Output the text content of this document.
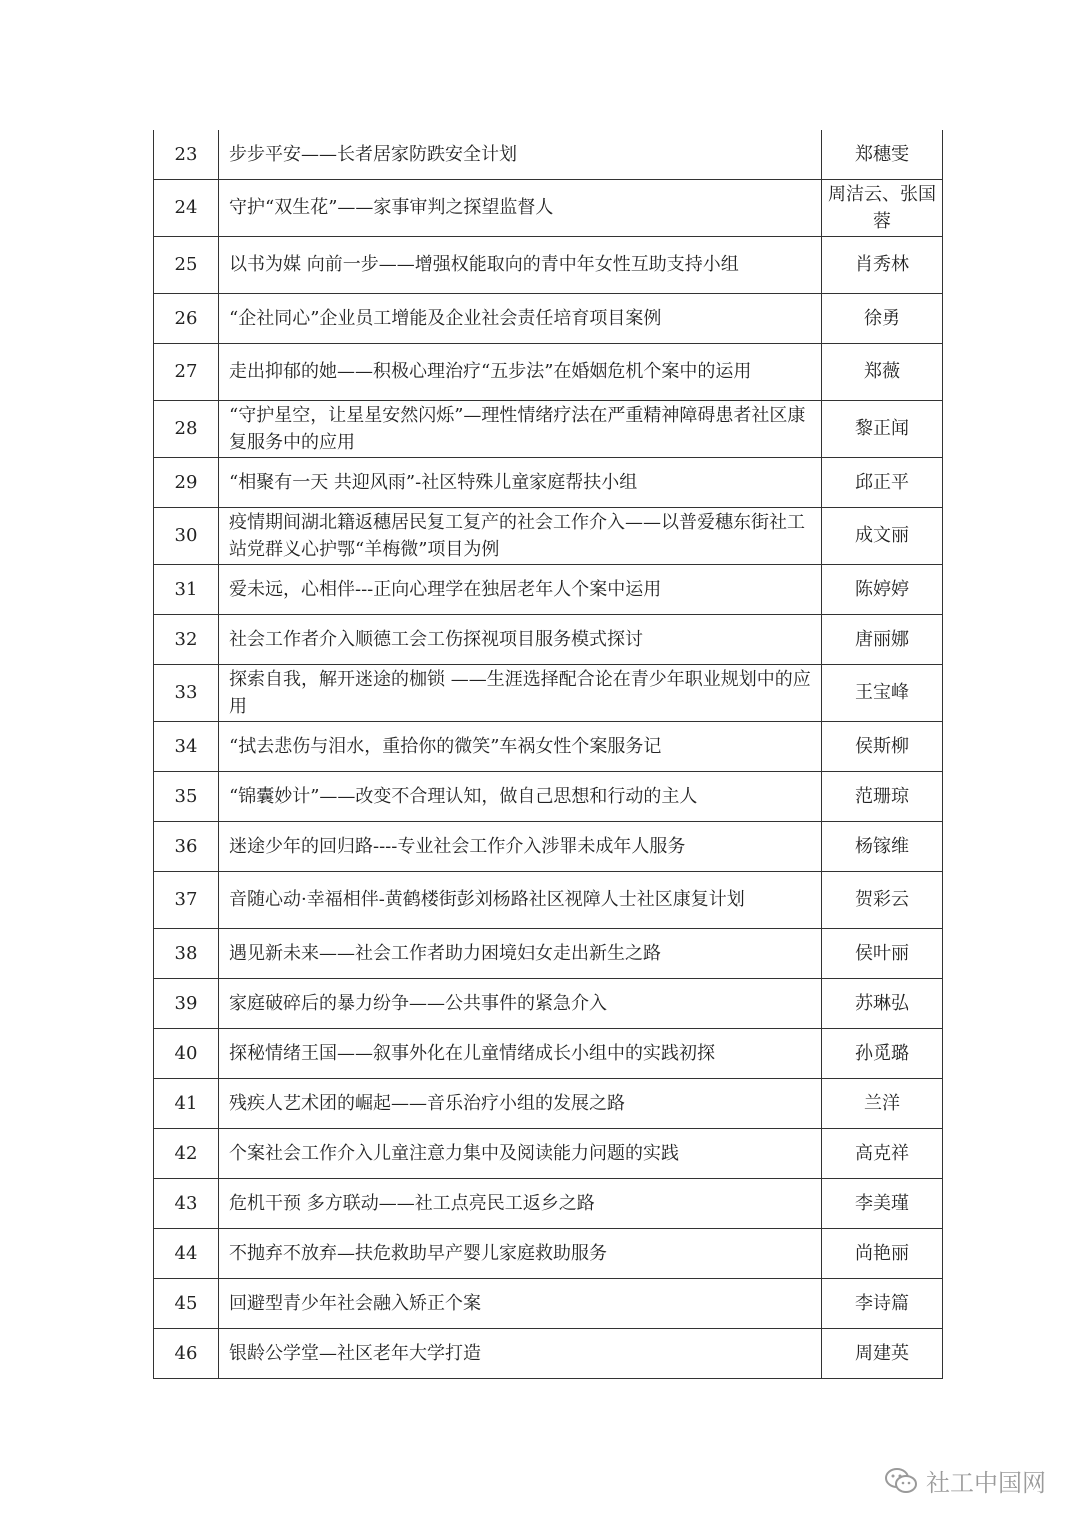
23	步步平安——长者居家防跌安全计划	郑穗雯
24	守护“双生花”——家事审判之探望监督人	周洁云、张国蓉
25	以书为媒 向前一步——增强权能取向的青中年女性互助支持小组	肖秀林
26	“企社同心”企业员工增能及企业社会责任培育项目案例	徐勇
27	走出抑郁的她——积极心理治疗“五步法”在婚姻危机个案中的运用	郑薇
28	“守护星空，让星星安然闪烁”—理性情绪疗法在严重精神障碍患者社区康复服务中的应用	黎正闻
29	“相聚有一天 共迎风雨”-社区特殊儿童家庭帮扶小组	邱正平
30	疫情期间湖北籍返穗居民复工复产的社会工作介入——以普爱穗东街社工站党群义心护鄂“羊梅微”项目为例	成文丽
31	爱未远，心相伴---正向心理学在独居老年人个案中运用	陈婷婷
32	社会工作者介入顺德工会工伤探视项目服务模式探讨	唐丽娜
33	探索自我，解开迷途的枷锁 ——生涯选择配合论在青少年职业规划中的应用	王宝峰
34	“拭去悲伤与泪水，重拾你的微笑”车祸女性个案服务记	侯斯柳
35	“锦囊妙计”——改变不合理认知，做自己思想和行动的主人	范珊琼
36	迷途少年的回归路----专业社会工作介入涉罪未成年人服务	杨镓维
37	音随心动·幸福相伴-黄鹤楼街彭刘杨路社区视障人士社区康复计划	贺彩云
38	遇见新未来——社会工作者助力困境妇女走出新生之路	侯叶丽
39	家庭破碎后的暴力纷争——公共事件的紧急介入	苏琳弘
40	探秘情绪王国——叙事外化在儿童情绪成长小组中的实践初探	孙觅璐
41	残疾人艺术团的崛起——音乐治疗小组的发展之路	兰洋
42	个案社会工作介入儿童注意力集中及阅读能力问题的实践	高克祥
43	危机干预 多方联动——社工点亮民工返乡之路	李美瑾
44	不抛弃不放弃—扶危救助早产婴儿家庭救助服务	尚艳丽
45	回避型青少年社会融入矫正个案	李诗篇
46	银龄公学堂—社区老年大学打造	周建英
社工中国网
